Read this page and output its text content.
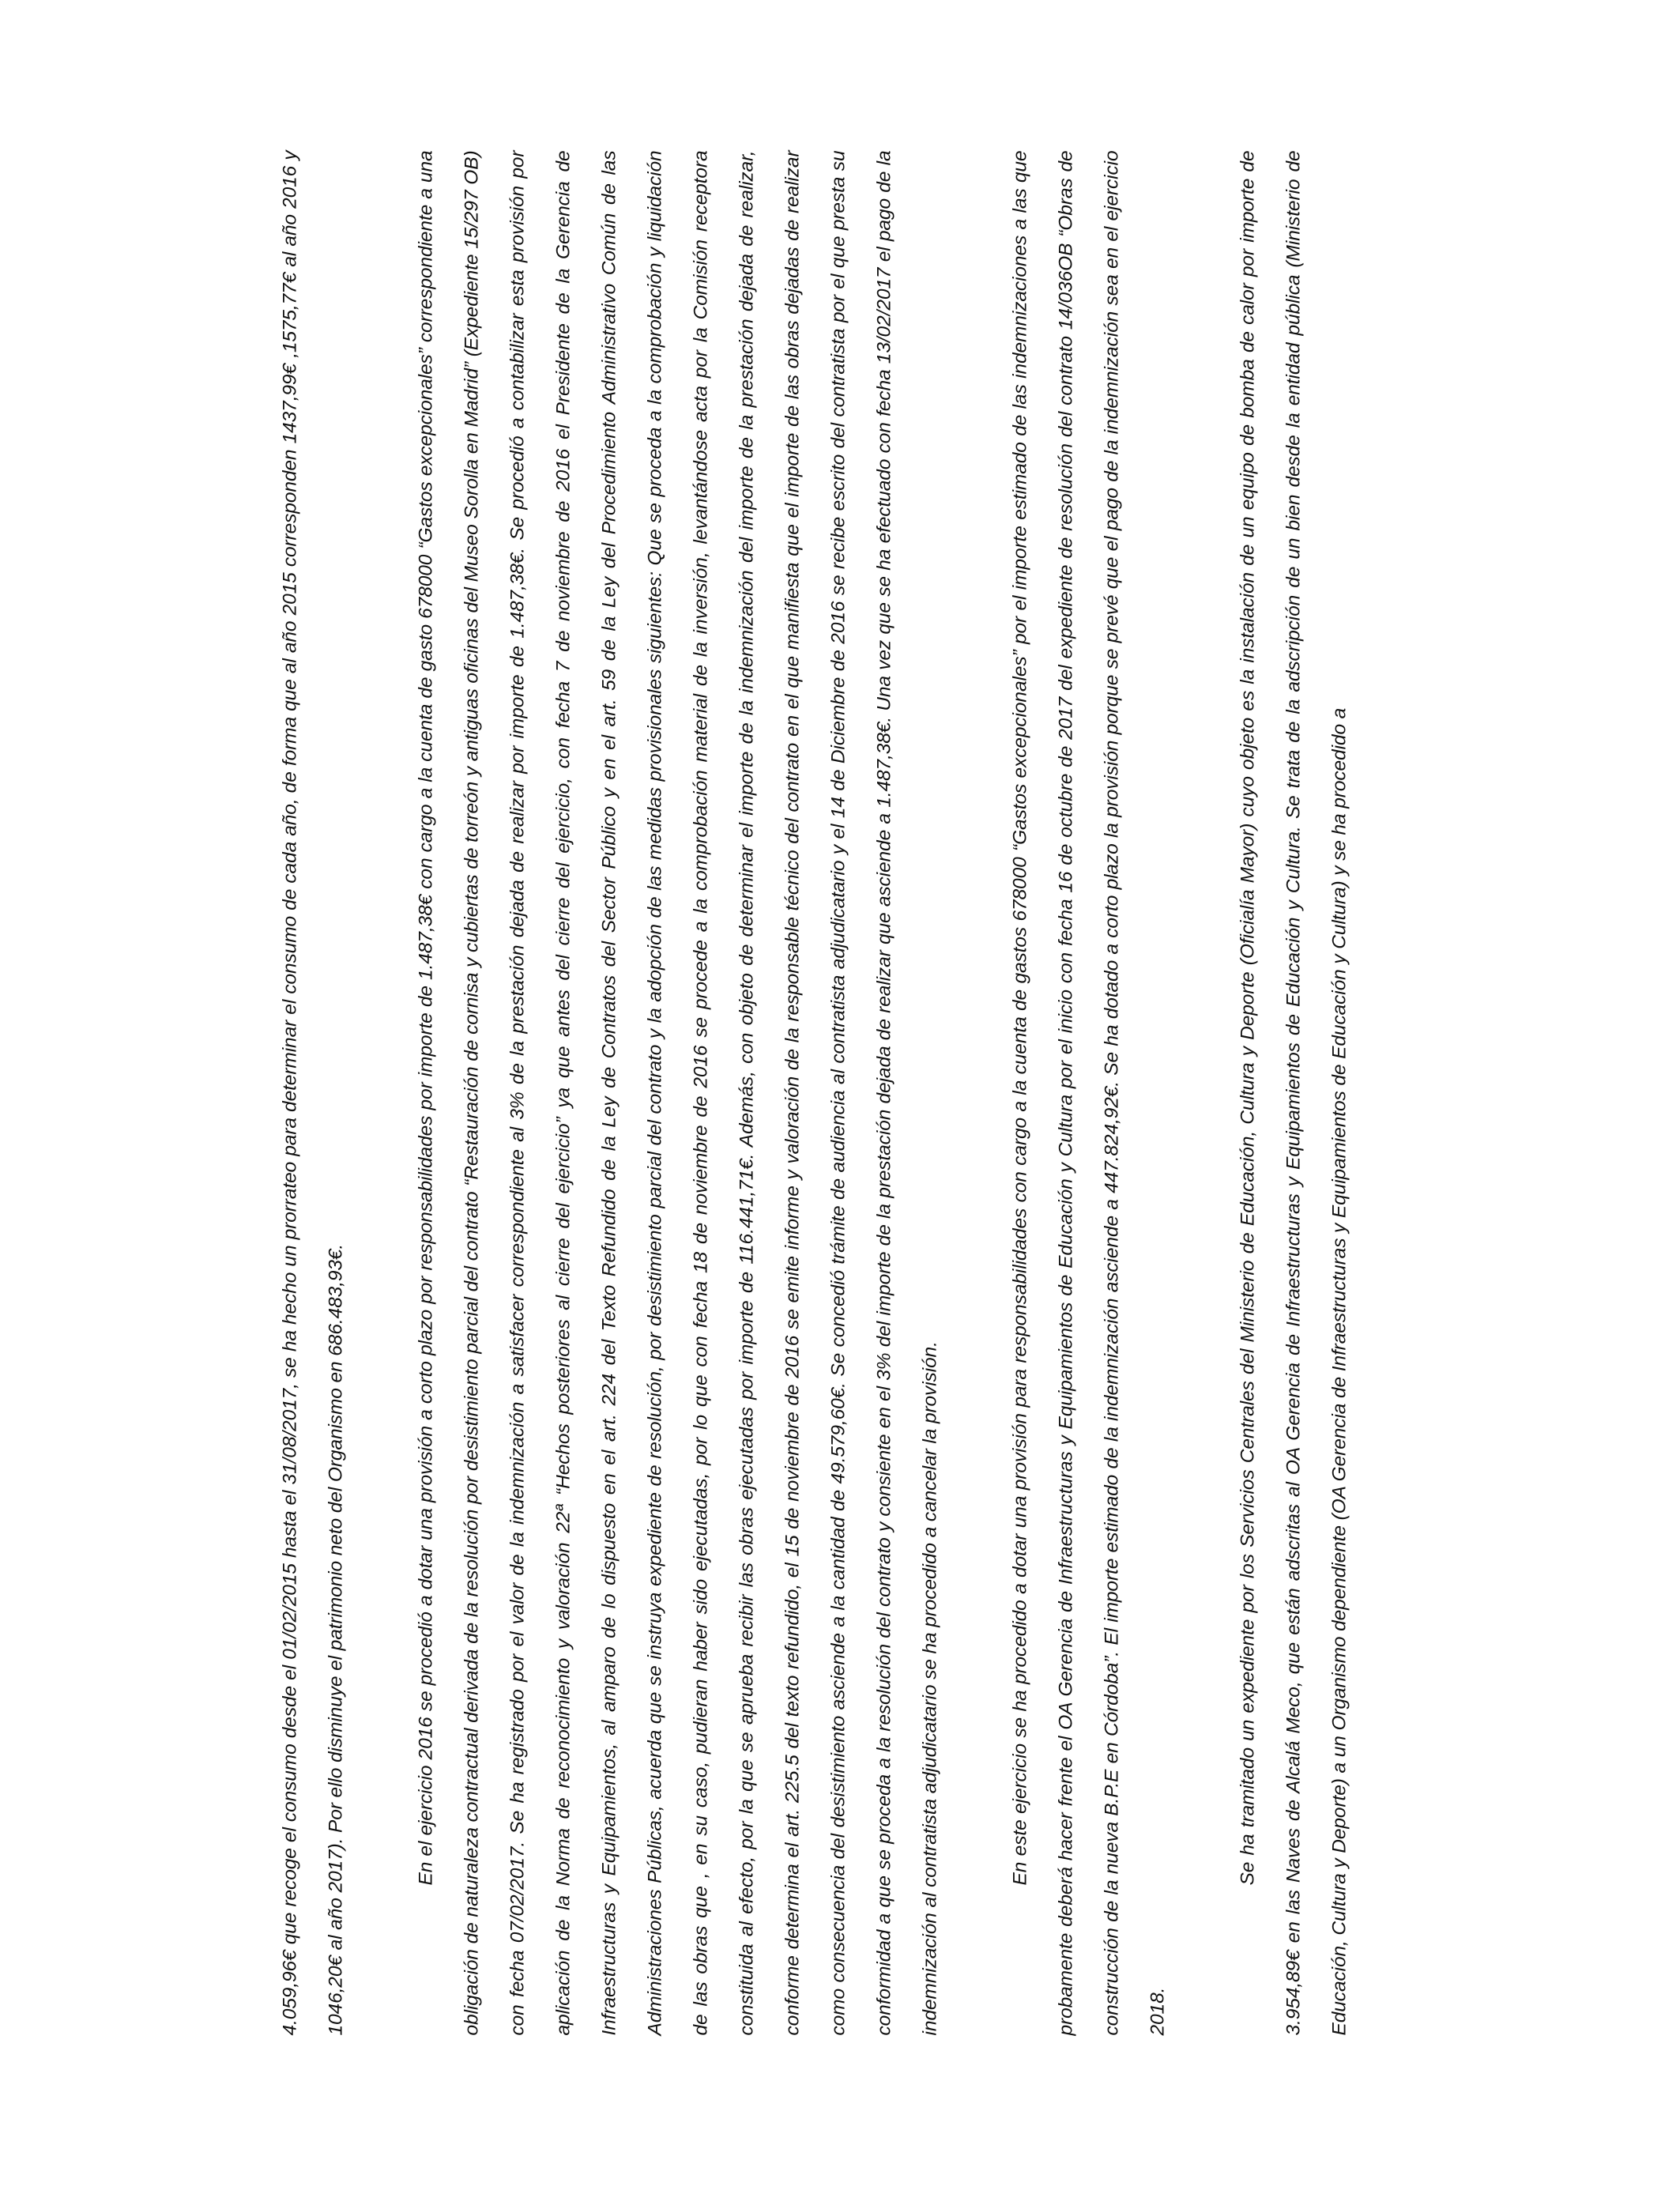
4.059,96€ que recoge el consumo desde el 01/02/2015 hasta el 31/08/2017, se ha hecho un prorrateo para determinar el consumo de cada año, de forma que al año 2015 corresponden 1437,99€ ,1575,77€ al año 2016 y 1046,20€ al año 2017). Por ello disminuye el patrimonio neto del Organismo en 686.483,93€.	En el ejercicio 2016 se procedió a dotar una provisión a corto plazo por responsabilidades por importe de 1.487,38€ con cargo a la cuenta de gasto 678000 “Gastos excepcionales” correspondiente a una obligación de naturaleza contractual derivada de la resolución por desistimiento parcial del contrato “Restauración de cornisa y cubiertas de torreón y antiguas oficinas del Museo Sorolla en Madrid” (Expediente 15/297 OB) con fecha 07/02/2017. Se ha registrado por el valor de la indemnización a satisfacer correspondiente al 3% de la prestación dejada de realizar por importe de 1.487,38€. Se procedió a contabilizar esta provisión por aplicación de la Norma de reconocimiento y valoración 22ª “Hechos posteriores al cierre del ejercicio” ya que antes del cierre del ejercicio, con fecha 7 de noviembre de 2016 el Presidente de la Gerencia de Infraestructuras y Equipamientos, al amparo de lo dispuesto en el art. 224 del Texto Refundido de la Ley de Contratos del Sector Público y en el art. 59 de la Ley del Procedimiento Administrativo Común de las Administraciones Públicas, acuerda que se instruya expediente de resolución, por desistimiento parcial del contrato y la adopción de las medidas provisionales siguientes: Que se proceda a la comprobación y liquidación de las obras que , en su caso, pudieran haber sido ejecutadas, por lo que con fecha 18 de noviembre de 2016 se procede a la comprobación material de la inversión, levantándose acta por la Comisión receptora constituida al efecto, por la que se aprueba recibir las obras ejecutadas por importe de 116.441,71€. Además, con objeto de determinar el importe de la indemnización del importe de la prestación dejada de realizar, conforme determina el art. 225.5 del texto refundido, el 15 de noviembre de 2016 se emite informe y valoración de la responsable técnico del contrato en el que manifiesta que el importe de las obras dejadas de realizar como consecuencia del desistimiento asciende a la cantidad de 49.579,60€. Se concedió trámite de audiencia al contratista adjudicatario y el 14 de Diciembre de 2016 se recibe escrito del contratista por el que presta su conformidad a que se proceda a la resolución del contrato y consiente en el 3% del importe de la prestación dejada de realizar que asciende a 1.487,38€. Una vez que se ha efectuado con fecha 13/02/2017 el pago de la indemnización al contratista adjudicatario se ha procedido a cancelar la provisión.	En este ejercicio se ha procedido a dotar una provisión para responsabilidades con cargo a la cuenta de gastos 678000 “Gastos excepcionales” por el importe estimado de las indemnizaciones a las que probamente deberá hacer frente el OA Gerencia de Infraestructuras y Equipamientos de Educación y Cultura por el inicio con fecha 16 de octubre de 2017 del expediente de resolución del contrato 14/036OB “Obras de construcción de la nueva B.P.E en Córdoba”. El importe estimado de la indemnización asciende a 447.824,92€. Se ha dotado a corto plazo la provisión porque se prevé que el pago de la indemnización sea en el ejercicio 2018.

Se ha tramitado un expediente por los Servicios Centrales del Ministerio de Educación, Cultura y Deporte (Oficialía Mayor) cuyo objeto es la instalación de un equipo de bomba de calor por importe de 3.954,89€ en las Naves de Alcalá Meco, que están adscritas al OA Gerencia de Infraestructuras y Equipamientos de Educación y Cultura. Se trata de la adscripción de un bien desde la entidad pública (Ministerio de Educación, Cultura y Deporte) a un Organismo dependiente (OA Gerencia de Infraestructuras y Equipamientos de Educación y Cultura) y se ha procedido a
